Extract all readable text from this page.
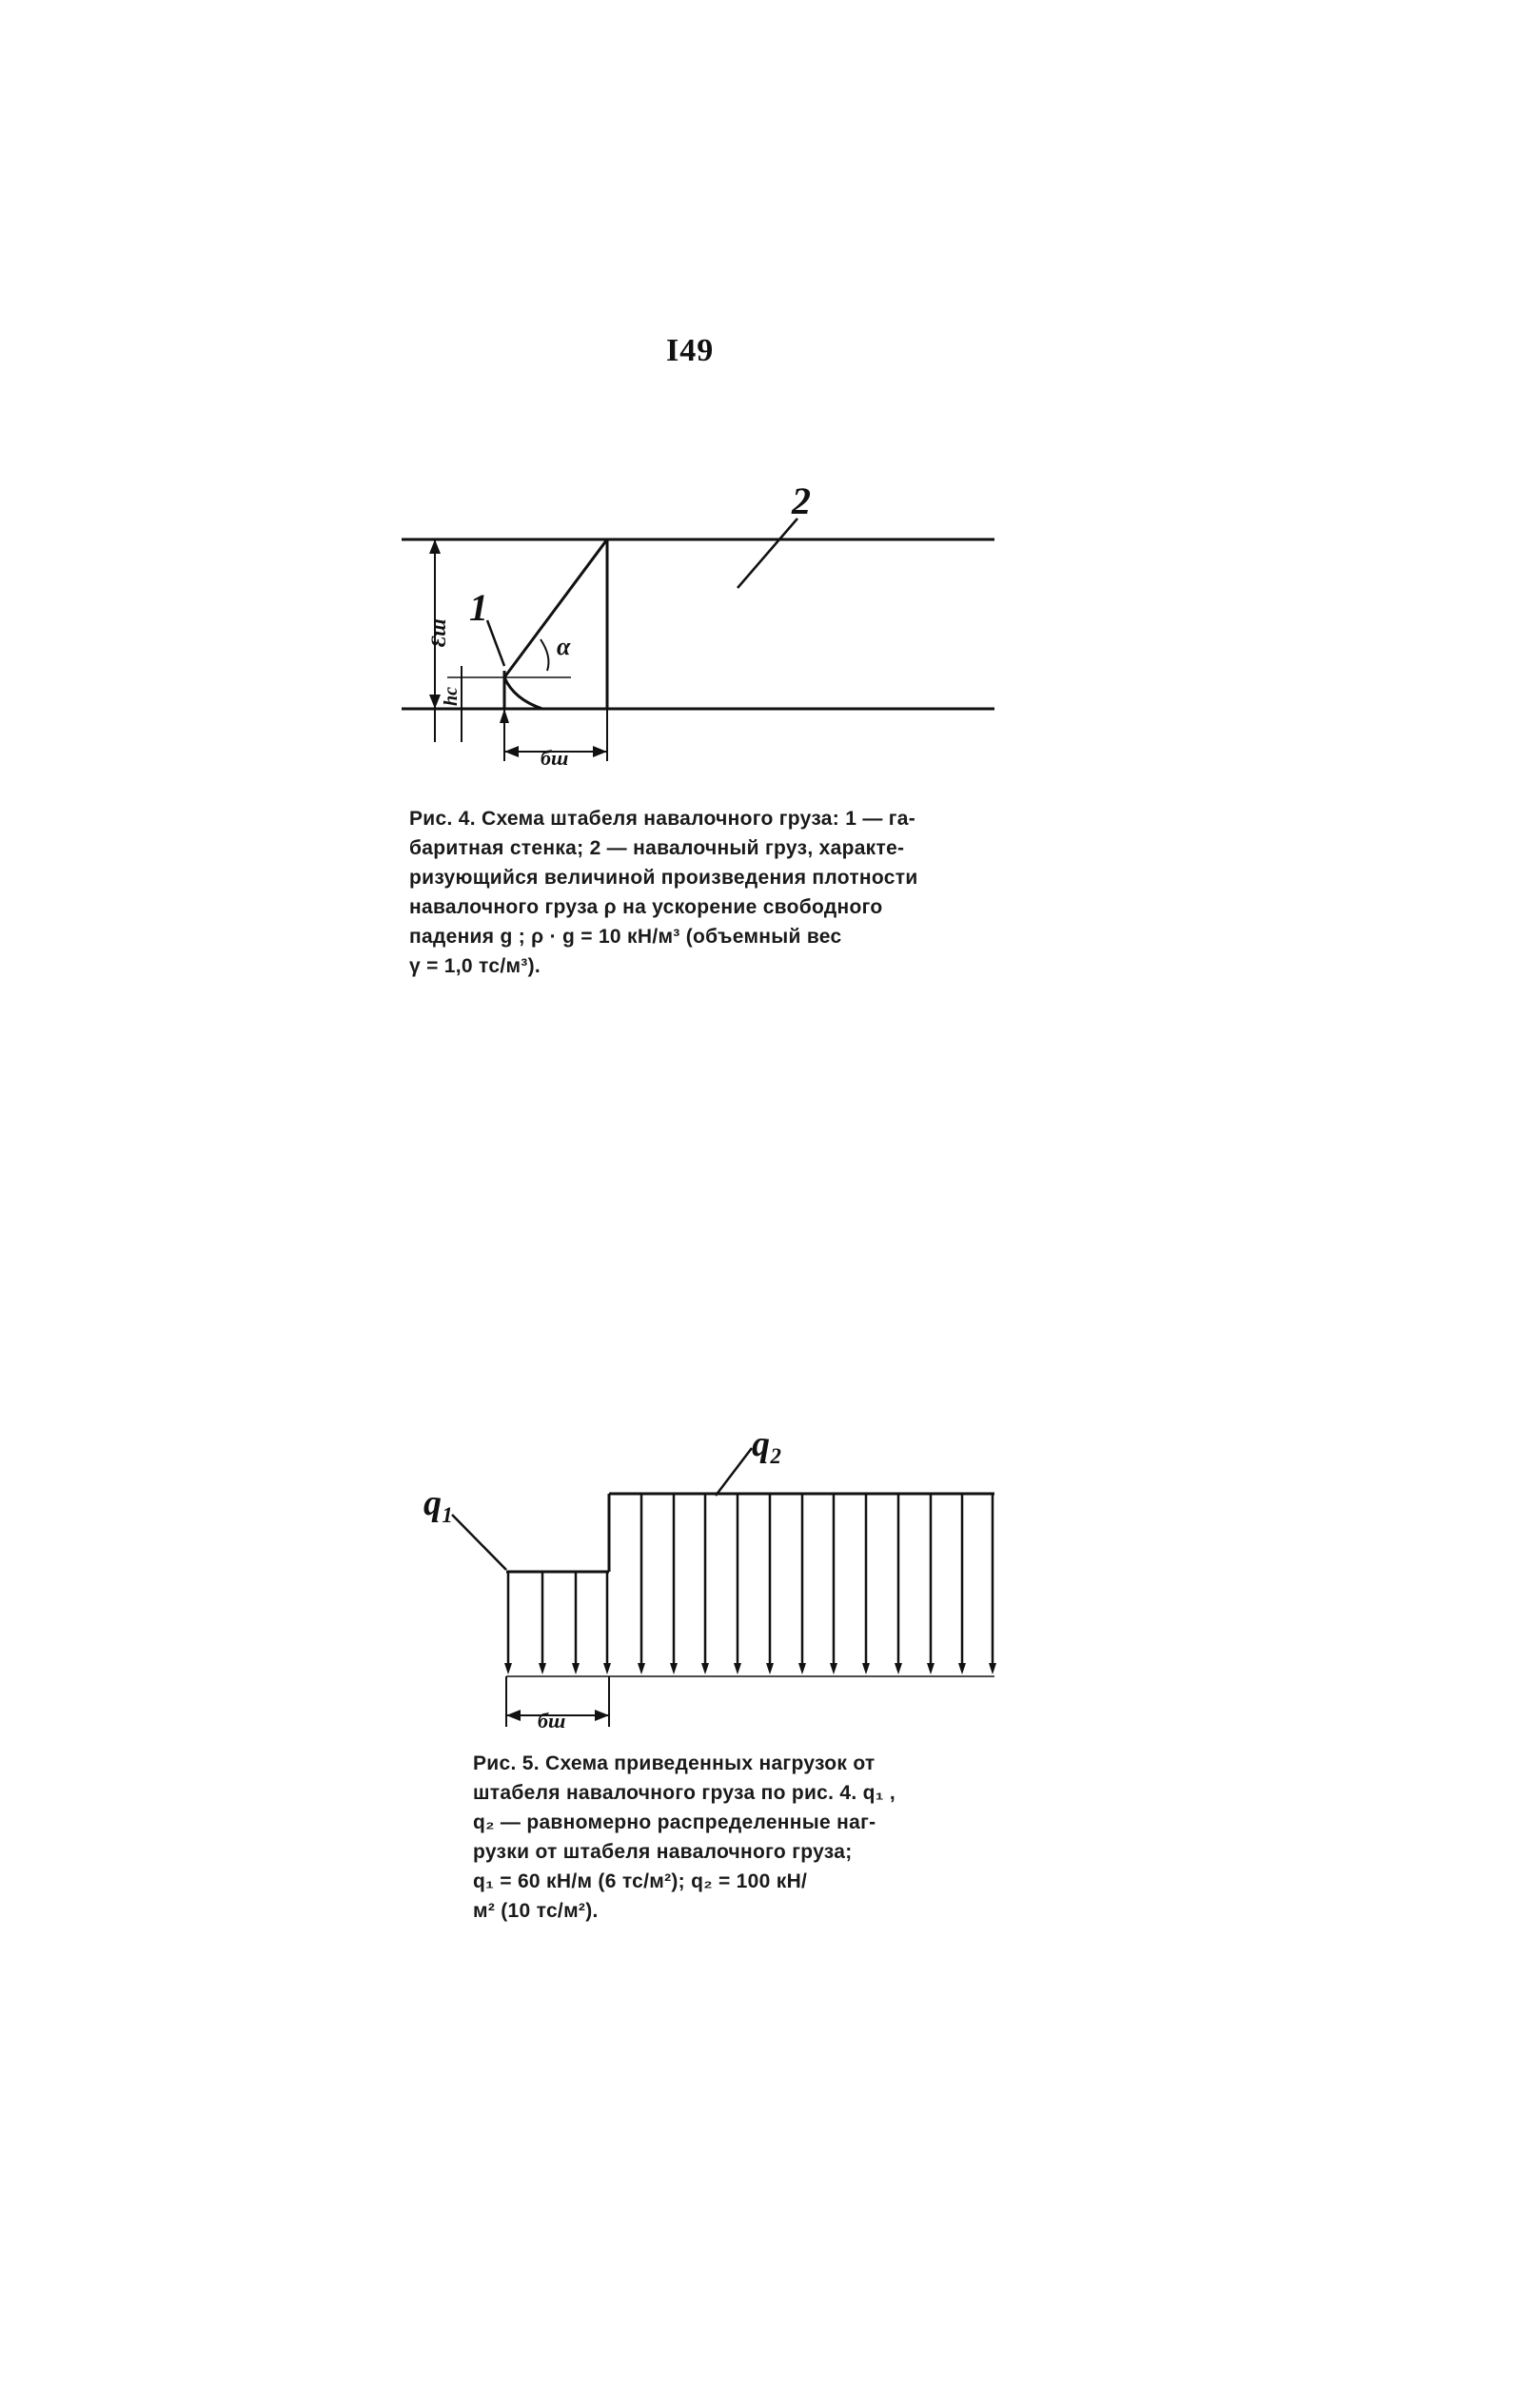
I49
2
1
α
Ɛш
hс
бш
Рис. 4. Схема штабеля навалочного груза: 1 — га-
баритная стенка; 2 — навалочный груз, характе-
ризующийся величиной произведения плотности
навалочного груза ρ на ускорение свободного
падения g ; ρ · g = 10 кН/м³ (объемный вес
γ = 1,0 тс/м³).
q₁
q₂
бш
Рис. 5. Схема приведенных нагрузок от
штабеля навалочного груза по рис. 4. q₁ ,
q₂ — равномерно распределенные наг-
рузки от штабеля навалочного груза;
q₁ = 60 кН/м (6 тс/м²); q₂ = 100 кН/
м² (10 тс/м²).
